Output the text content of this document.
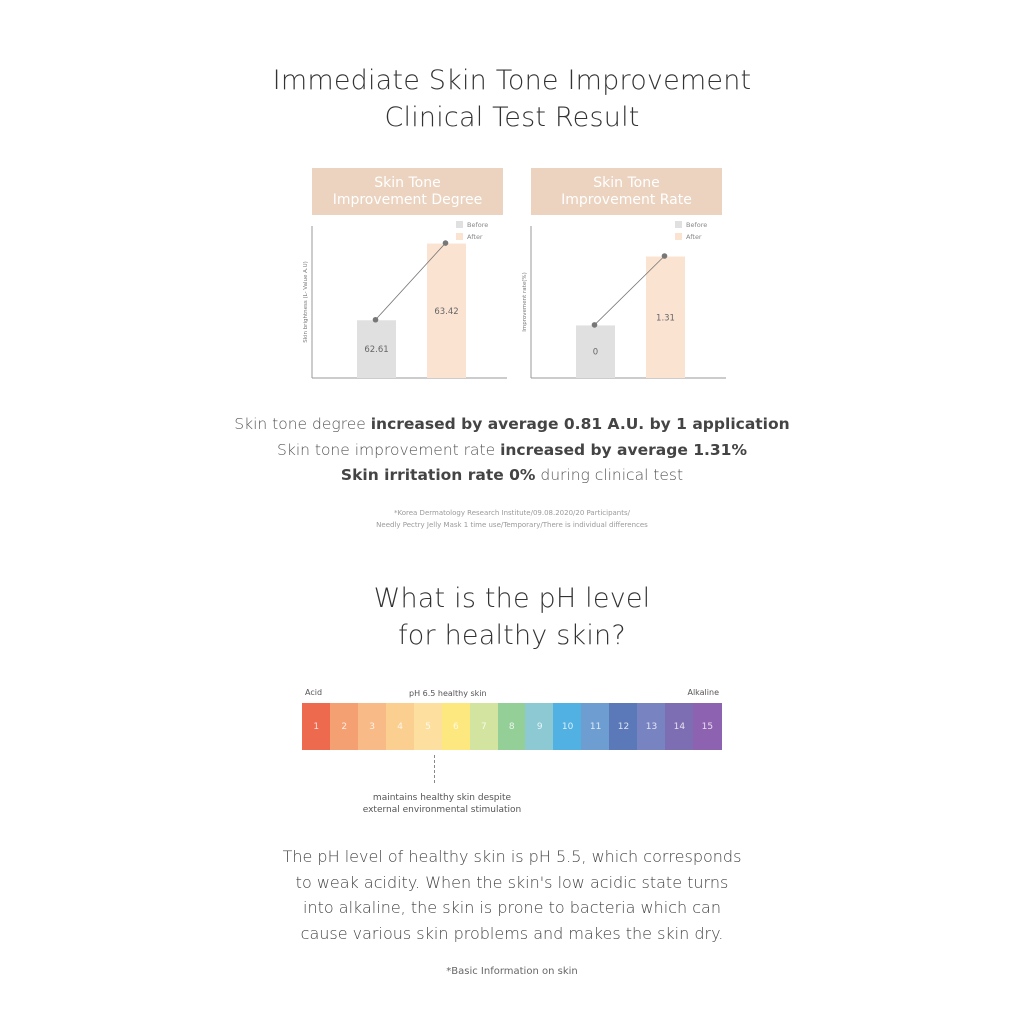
Immediate Skin Tone Improvement
Clinical Test Result
Skin Tone
Improvement Degree
Skin brightness (L- Value A.U)
Before
After
62.61
63.42
Skin Tone
Improvement Rate
Improvement rate(%)
Before
After
0
1.31
Skin tone degree increased by average 0.81 A.U. by 1 application
Skin tone improvement rate increased by average 1.31%
Skin irritation rate 0% during clinical test
*Korea Dermatology Research Institute/09.08.2020/20 Participants/
Needly Pectry Jelly Mask 1 time use/Temporary/There is individual differences
What is the pH level
for healthy skin?
Acid	pH 6.5 healthy skin	Alkaline
1	2	3	4	5	6	7	8	9	10	11	12	13	14	15
maintains healthy skin despite
external environmental stimulation
The pH level of healthy skin is pH 5.5, which corresponds
to weak acidity. When the skin's low acidic state turns
into alkaline, the skin is prone to bacteria which can
cause various skin problems and makes the skin dry.
*Basic Information on skin
